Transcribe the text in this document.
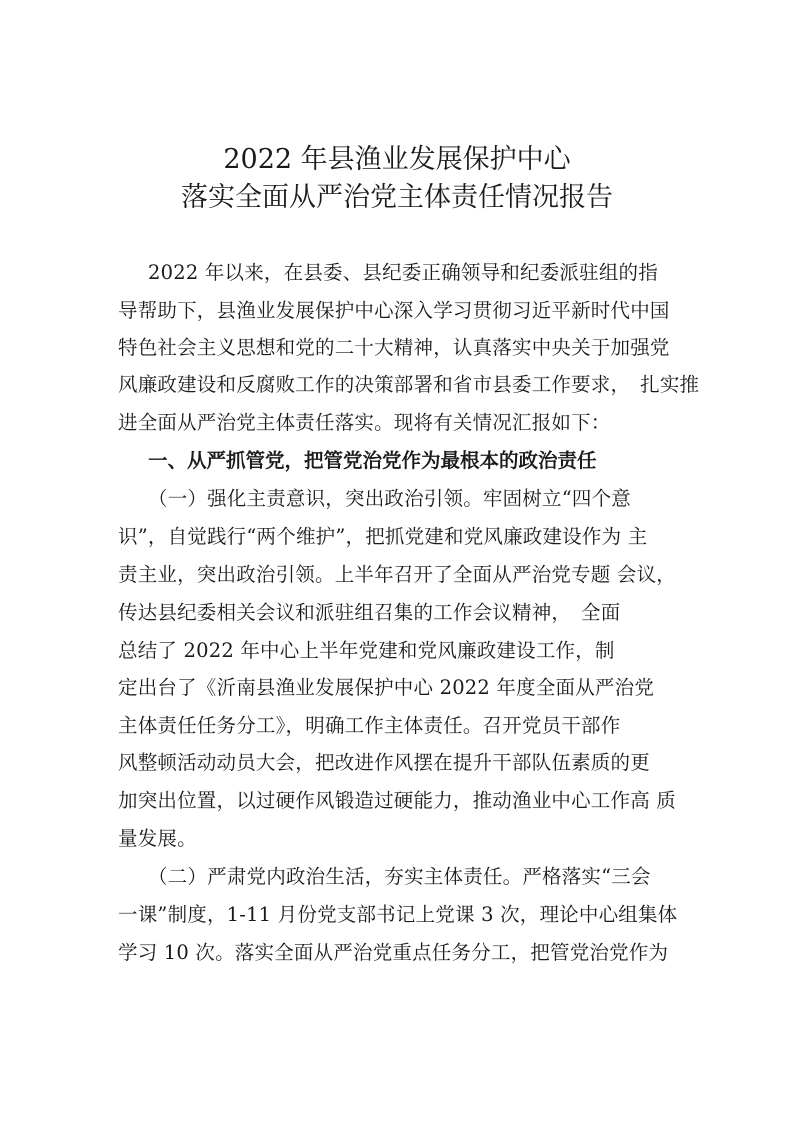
2022 年县渔业发展保护中心
落实全面从严治党主体责任情况报告
2022 年以来，在县委、县纪委正确领导和纪委派驻组的指
导帮助下，县渔业发展保护中心深入学习贯彻习近平新时代中国
特色社会主义思想和党的二十大精神，认真落实中央关于加强党
风廉政建设和反腐败工作的决策部署和省市县委工作要求，　扎实推
进全面从严治党主体责任落实。现将有关情况汇报如下：
一、从严抓管党，把管党治党作为最根本的政治责任
（一）强化主责意识，突出政治引领。牢固树立“四个意
识”，自觉践行“两个维护”，把抓党建和党风廉政建设作为 主
责主业，突出政治引领。上半年召开了全面从严治党专题 会议，
传达县纪委相关会议和派驻组召集的工作会议精神，　全面
总结了 2022 年中心上半年党建和党风廉政建设工作，制
定出台了《沂南县渔业发展保护中心 2022 年度全面从严治党
主体责任任务分工》，明确工作主体责任。召开党员干部作
风整顿活动动员大会，把改进作风摆在提升干部队伍素质的更
加突出位置，以过硬作风锻造过硬能力，推动渔业中心工作高 质
量发展。
（二）严肃党内政治生活，夯实主体责任。严格落实“三会
一课”制度，1-11 月份党支部书记上党课 3 次，理论中心组集体
学习 10 次。落实全面从严治党重点任务分工，把管党治党作为
